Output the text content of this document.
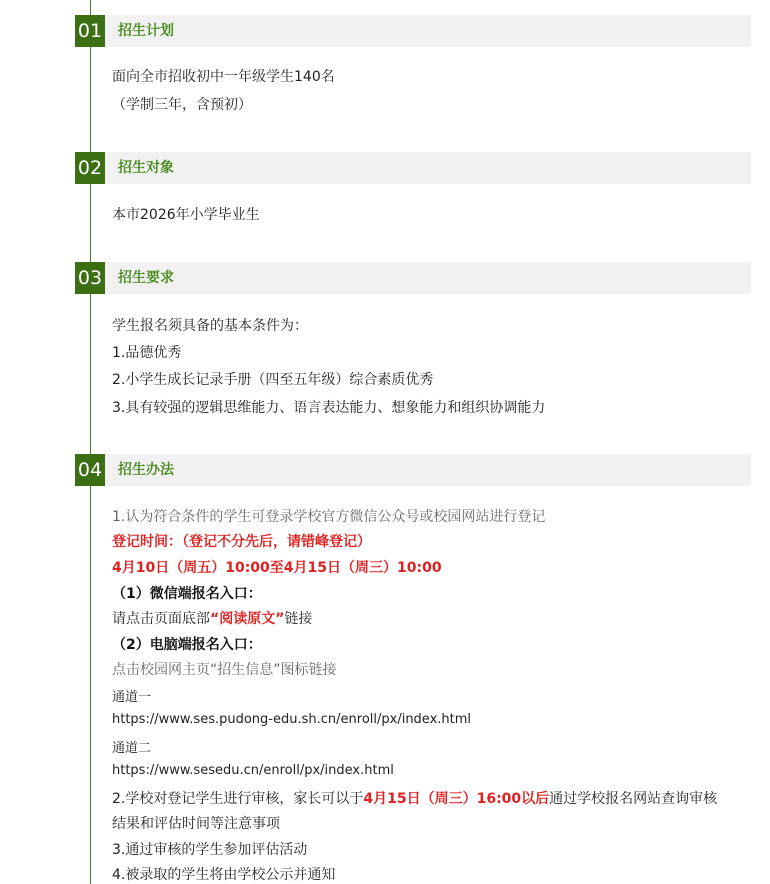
01 招生计划
面向全市招收初中一年级学生140名
（学制三年，含预初）
02 招生对象
本市2026年小学毕业生
03 招生要求
学生报名须具备的基本条件为：
1.品德优秀
2.小学生成长记录手册（四至五年级）综合素质优秀
3.具有较强的逻辑思维能力、语言表达能力、想象能力和组织协调能力
04 招生办法
1.认为符合条件的学生可登录学校官方微信公众号或校园网站进行登记
登记时间：（登记不分先后，请错峰登记）
4月10日（周五）10:00至4月15日（周三）10:00
（1）微信端报名入口：
请点击页面底部“阅读原文”链接
（2）电脑端报名入口：
点击校园网主页“招生信息”图标链接
通道一
https://www.ses.pudong-edu.sh.cn/enroll/px/index.html
通道二
https://www.sesedu.cn/enroll/px/index.html
2.学校对登记学生进行审核，家长可以于4月15日（周三）16:00以后通过学校报名网站查询审核
结果和评估时间等注意事项
3.通过审核的学生参加评估活动
4.被录取的学生将由学校公示并通知
